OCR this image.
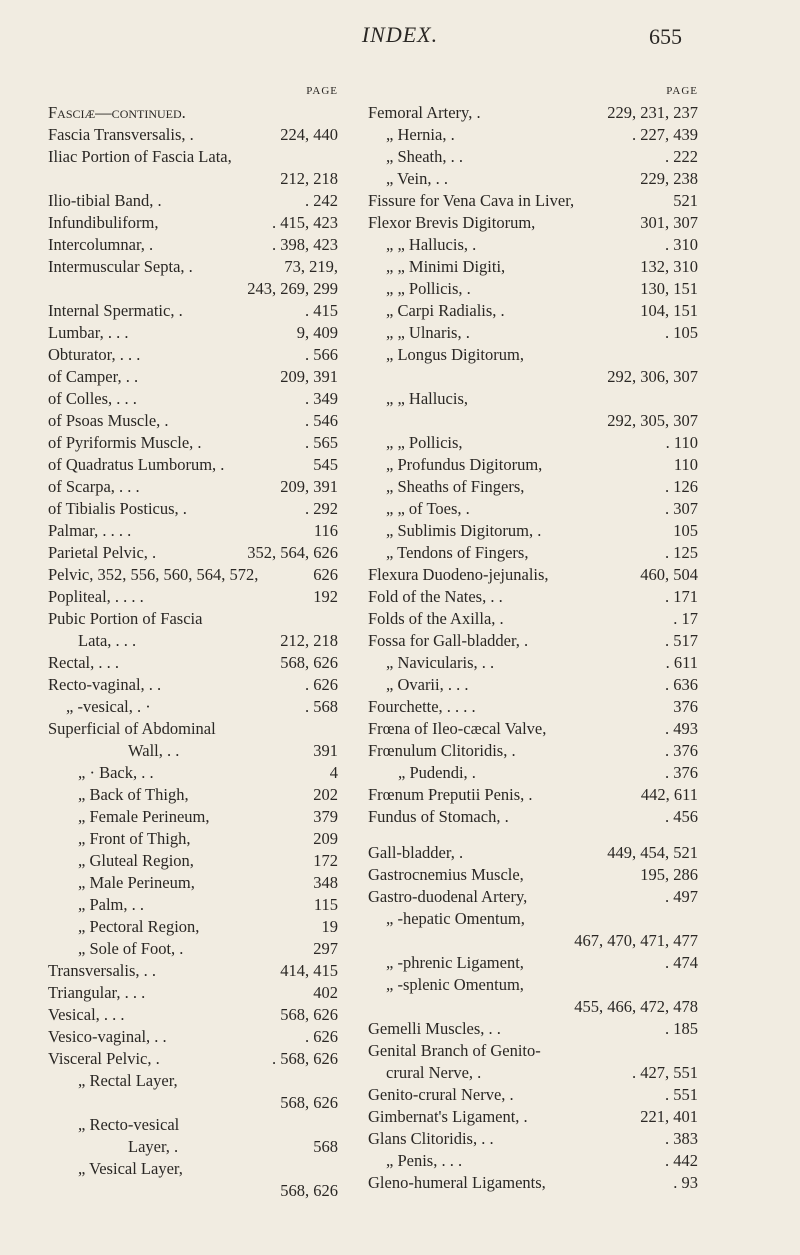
INDEX.	655
PAGE
Fasciæ—continued.
Fascia Transversalis, .	224, 440
Iliac Portion of Fascia Lata,
212, 218
Ilio-tibial Band, .	. 242
Infundibuliform,	. 415, 423
Intercolumnar, .	. 398, 423
Intermuscular Septa, .	73, 219,
243, 269, 299
Internal Spermatic, .	. 415
Lumbar, . . .	9, 409
Obturator, . . .	. 566
of Camper, . .	209, 391
of Colles, . . .	. 349
of Psoas Muscle, .	. 546
of Pyriformis Muscle, .	. 565
of Quadratus Lumborum, .	545
of Scarpa, . . .	209, 391
of Tibialis Posticus, .	. 292
Palmar, . . . .	116
Parietal Pelvic, .	352, 564, 626
Pelvic, 352, 556, 560, 564, 572,	626
Popliteal, . . . .	192
Pubic Portion of Fascia
Lata, . . .	212, 218
Rectal, . . .	568, 626
Recto-vaginal, . .	. 626
„ -vesical, . ·	. 568
Superficial of Abdominal
Wall, . .	391
„ · Back, . .	4
„ Back of Thigh,	202
„ Female Perineum,	379
„ Front of Thigh,	209
„ Gluteal Region,	172
„ Male Perineum,	348
„ Palm, . .	115
„ Pectoral Region,	19
„ Sole of Foot, .	297
Transversalis, . .	414, 415
Triangular, . . .	402
Vesical, . . .	568, 626
Vesico-vaginal, . .	. 626
Visceral Pelvic, .	. 568, 626
„ Rectal Layer,
568, 626
„ Recto-vesical
Layer, .	568
„ Vesical Layer,
568, 626
PAGE
Femoral Artery, .	229, 231, 237
„ Hernia, .	. 227, 439
„ Sheath, . .	. 222
„ Vein, . .	229, 238
Fissure for Vena Cava in Liver,	521
Flexor Brevis Digitorum,	301, 307
„ „ Hallucis, .	. 310
„ „ Minimi Digiti,	132, 310
„ „ Pollicis, .	130, 151
„ Carpi Radialis, .	104, 151
„ „ Ulnaris, .	. 105
„ Longus Digitorum,
292, 306, 307
„ „ Hallucis,
292, 305, 307
„ „ Pollicis,	. 110
„ Profundus Digitorum,	110
„ Sheaths of Fingers,	. 126
„ „ of Toes, .	. 307
„ Sublimis Digitorum, .	105
„ Tendons of Fingers,	. 125
Flexura Duodeno-jejunalis,	460, 504
Fold of the Nates, . .	. 171
Folds of the Axilla, .	. 17
Fossa for Gall-bladder, .	. 517
„ Navicularis, . .	. 611
„ Ovarii, . . .	. 636
Fourchette, . . . .	376
Frœna of Ileo-cæcal Valve,	. 493
Frœnulum Clitoridis, .	. 376
„ Pudendi, .	. 376
Frœnum Preputii Penis, .	442, 611
Fundus of Stomach, .	. 456
Gall-bladder, .	449, 454, 521
Gastrocnemius Muscle,	195, 286
Gastro-duodenal Artery,	. 497
„ -hepatic Omentum,
467, 470, 471, 477
„ -phrenic Ligament,	. 474
„ -splenic Omentum,
455, 466, 472, 478
Gemelli Muscles, . .	. 185
Genital Branch of Genito-
crural Nerve, .	. 427, 551
Genito-crural Nerve, .	. 551
Gimbernat's Ligament, .	221, 401
Glans Clitoridis, . .	. 383
„ Penis, . . .	. 442
Gleno-humeral Ligaments,	. 93
